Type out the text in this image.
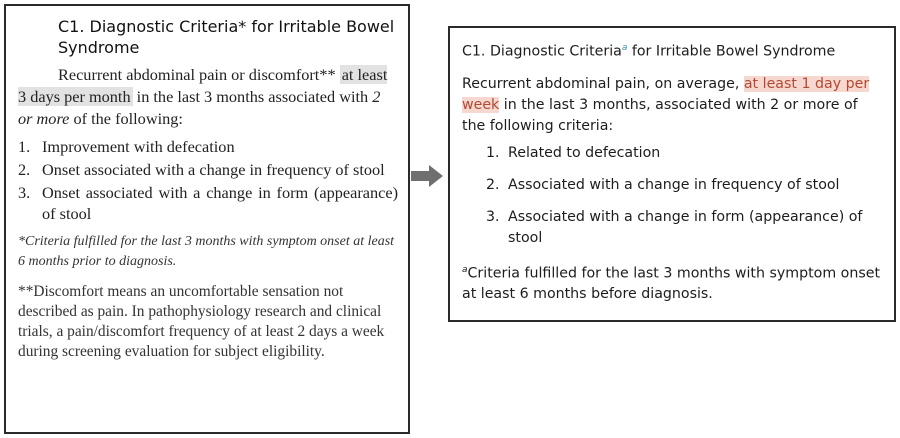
C1. Diagnostic Criteria* for Irritable Bowel Syndrome

Recurrent abdominal pain or discomfort** at least 3 days per month in the last 3 months associated with 2 or more of the following:

1. Improvement with defecation
2. Onset associated with a change in frequency of stool
3. Onset associated with a change in form (appearance) of stool

*Criteria fulfilled for the last 3 months with symptom onset at least 6 months prior to diagnosis.

**Discomfort means an uncomfortable sensation not described as pain. In pathophysiology research and clinical trials, a pain/discomfort frequency of at least 2 days a week during screening evaluation for subject eligibility.

C1. Diagnostic Criteria$^a$ for Irritable Bowel Syndrome

Recurrent abdominal pain, on average, at least 1 day per week in the last 3 months, associated with 2 or more of the following criteria:

1. Related to defecation
2. Associated with a change in frequency of stool
3. Associated with a change in form (appearance) of stool

$^a$Criteria fulfilled for the last 3 months with symptom onset at least 6 months before diagnosis.
